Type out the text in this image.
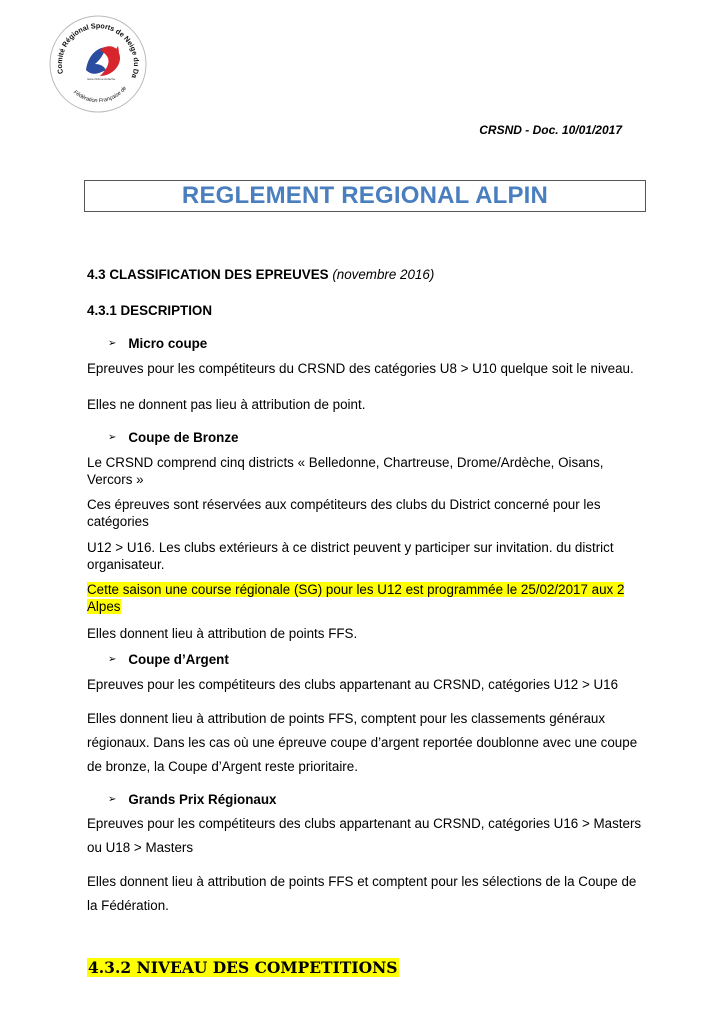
Comité Régional Sports de Neige du Da
Fédération Française de
Isère Drôme Ardèche
CRSND - Doc. 10/01/2017
REGLEMENT REGIONAL ALPIN
4.3 CLASSIFICATION DES EPREUVES (novembre 2016)
4.3.1 DESCRIPTION
➢ Micro coupe
Epreuves pour les compétiteurs du CRSND des catégories U8 > U10 quelque soit le niveau.
Elles ne donnent pas lieu à attribution de point.
➢ Coupe de Bronze
Le CRSND comprend cinq districts « Belledonne, Chartreuse, Drome/Ardèche, Oisans, Vercors »
Ces épreuves sont réservées aux compétiteurs des clubs du District concerné pour les catégories
U12 > U16. Les clubs extérieurs à ce district peuvent y participer sur invitation. du district organisateur.
Cette saison une course régionale (SG) pour les U12 est programmée le 25/02/2017 aux 2 Alpes
Elles donnent lieu à attribution de points FFS.
➢ Coupe d’Argent
Epreuves pour les compétiteurs des clubs appartenant au CRSND, catégories U12 > U16
Elles donnent lieu à attribution de points FFS, comptent pour les classements généraux régionaux. Dans les cas où une épreuve coupe d’argent reportée doublonne avec une coupe de bronze, la Coupe d’Argent reste prioritaire.
➢ Grands Prix Régionaux
Epreuves pour les compétiteurs des clubs appartenant au CRSND, catégories U16 > Masters ou U18 > Masters
Elles donnent lieu à attribution de points FFS et comptent pour les sélections de la Coupe de la Fédération.
4.3.2 NIVEAU DES COMPETITIONS
